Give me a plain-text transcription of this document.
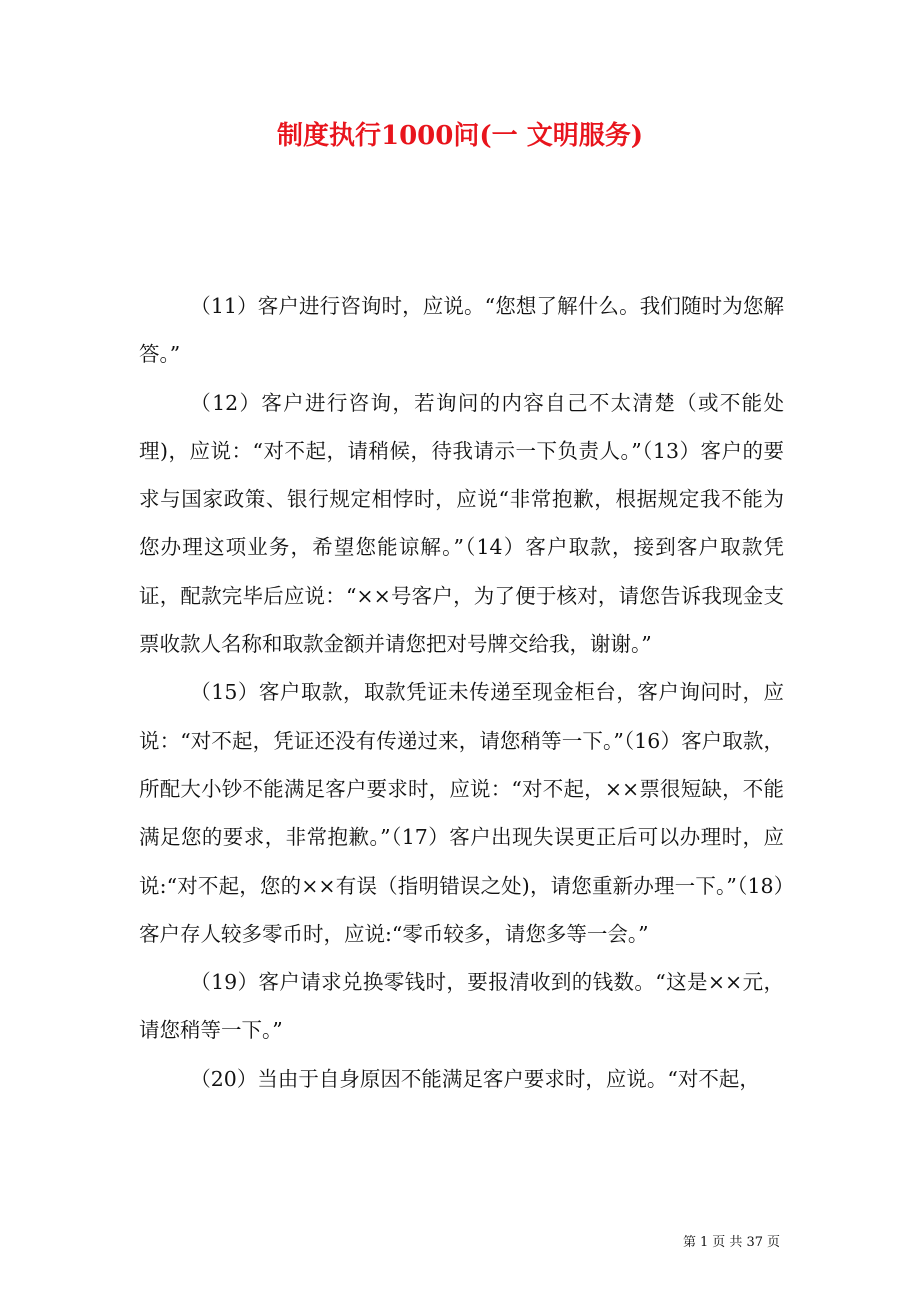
制度执行1000问(一 文明服务)

（11）客户进行咨询时，应说。“您想了解什么。我们随时为您解答。”

（12）客户进行咨询，若询问的内容自己不太清楚（或不能处理)，应说：“对不起，请稍候，待我请示一下负责人。”（13）客户的要求与国家政策、银行规定相悖时，应说“非常抱歉，根据规定我不能为您办理这项业务，希望您能谅解。”（14）客户取款，接到客户取款凭证，配款完毕后应说：“××号客户，为了便于核对，请您告诉我现金支票收款人名称和取款金额并请您把对号牌交给我，谢谢。”

（15）客户取款，取款凭证未传递至现金柜台，客户询问时，应说：“对不起，凭证还没有传递过来，请您稍等一下。”（16）客户取款，所配大小钞不能满足客户要求时，应说：“对不起，××票很短缺，不能满足您的要求，非常抱歉。”（17）客户出现失误更正后可以办理时，应说:“对不起，您的××有误（指明错误之处)，请您重新办理一下。”（18）客户存人较多零币时，应说:“零币较多，请您多等一会。”

（19）客户请求兑换零钱时，要报清收到的钱数。“这是××元，请您稍等一下。”

（20）当由于自身原因不能满足客户要求时，应说。“对不起，

第 1 页 共 37 页
